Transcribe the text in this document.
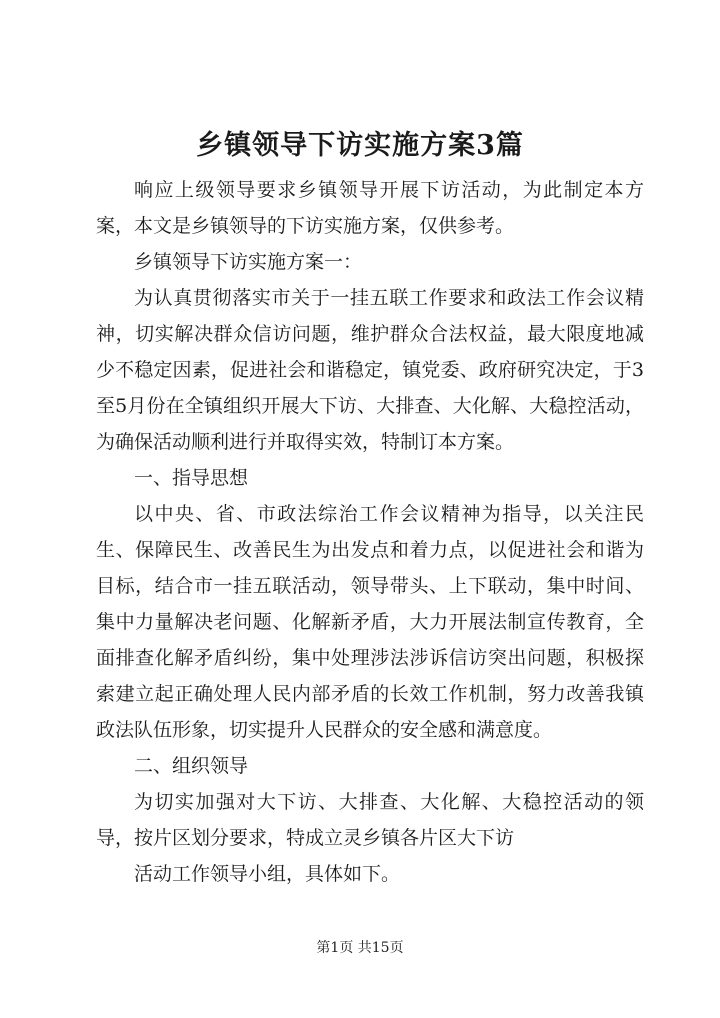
乡镇领导下访实施方案3篇

响应上级领导要求乡镇领导开展下访活动，为此制定本方案，本文是乡镇领导的下访实施方案，仅供参考。

乡镇领导下访实施方案一：

为认真贯彻落实市关于一挂五联工作要求和政法工作会议精神，切实解决群众信访问题，维护群众合法权益，最大限度地减少不稳定因素，促进社会和谐稳定，镇党委、政府研究决定，于3至5月份在全镇组织开展大下访、大排查、大化解、大稳控活动，为确保活动顺利进行并取得实效，特制订本方案。

一、指导思想

以中央、省、市政法综治工作会议精神为指导，以关注民生、保障民生、改善民生为出发点和着力点，以促进社会和谐为目标，结合市一挂五联活动，领导带头、上下联动，集中时间、集中力量解决老问题、化解新矛盾，大力开展法制宣传教育，全面排查化解矛盾纠纷，集中处理涉法涉诉信访突出问题，积极探索建立起正确处理人民内部矛盾的长效工作机制，努力改善我镇政法队伍形象，切实提升人民群众的安全感和满意度。

二、组织领导

为切实加强对大下访、大排查、大化解、大稳控活动的领导，按片区划分要求，特成立灵乡镇各片区大下访

活动工作领导小组，具体如下。

第1页 共15页
